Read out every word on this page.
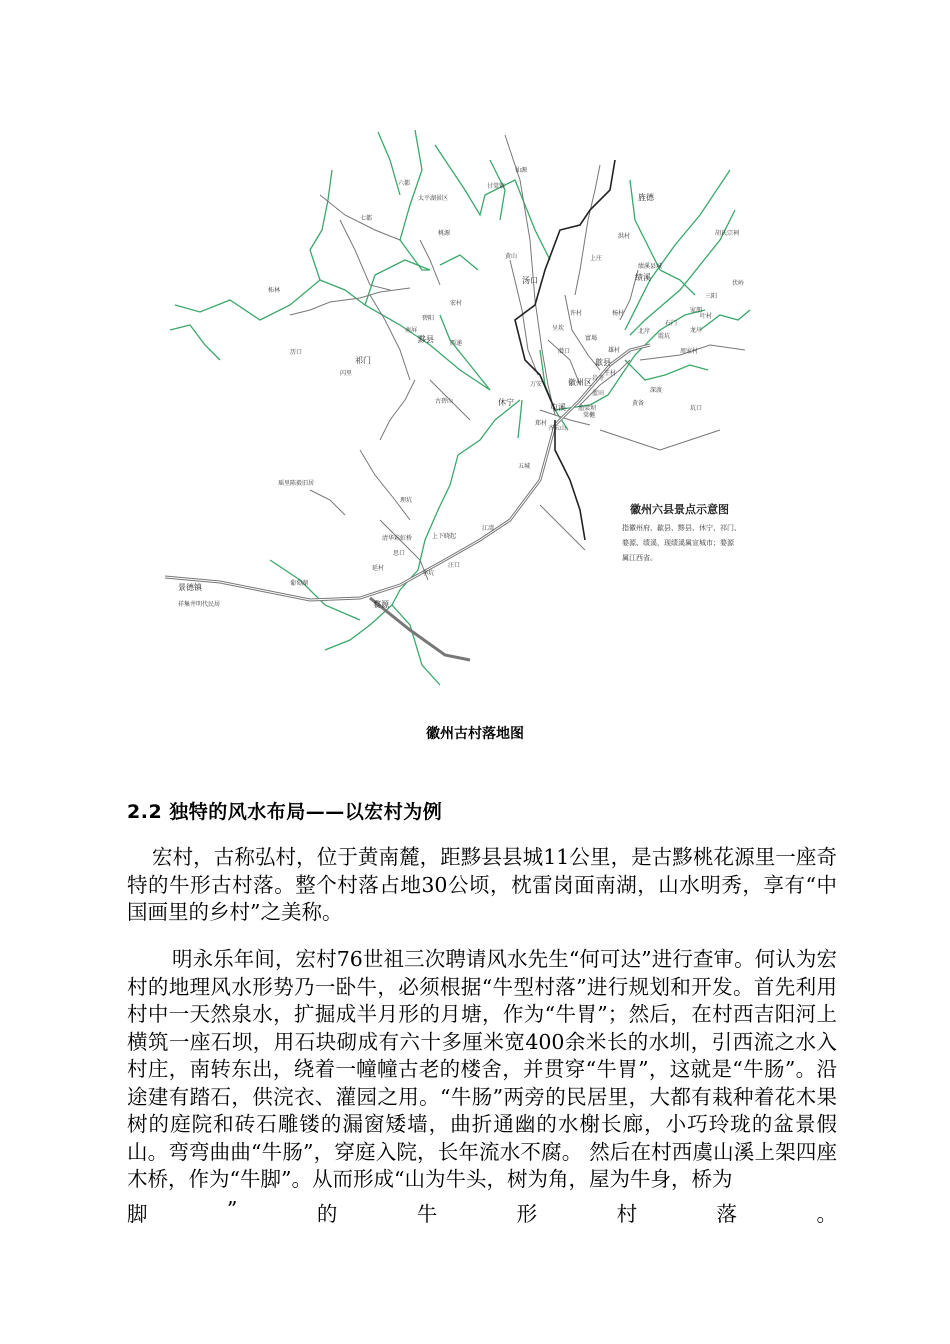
徽州六县景点示意图
指徽州府、歙县、黟县、休宁、祁门、
婺源、绩溪，现绩溪属宣城市；婺源
属江西省。
绩溪
旌德
黟县
祁门
休宁
歙县
徽州区
婺源
景德镇
汤口
屯溪
六都
七都
太平湖景区
甘棠镇
仙源
桃源
黄山
胡氏宗祠
龙川
宏村
南屏
西递
古碧山
碧阳
历口
闪里
柘林
瑶里陈毅旧居
理坑
思口
清华彩虹桥
江湾
汪口
上下晓起
李坑
延村
葡萄湖
祥集井明代民居
五城
渔梁坝
棠樾
呈坎
潜口
岩寺
万安
齐云山
蓝田
许村	杨村
富堨
郑村
雄村
王村
深渡
坑口
黄备
叶村
伏岭
三阳
家朋
石门
北岸
周家村
霞坑
上庄
洪村
绩溪县城
徽州古村落地图
2.2 独特的风水布局——以宏村为例
宏村，古称弘村，位于黄南麓，距黟县县城11公里，是古黟桃花源里一座奇特的牛形古村落。整个村落占地30公顷，枕雷岗面南湖，山水明秀，享有“中国画里的乡村”之美称。
明永乐年间，宏村76世祖三次聘请风水先生“何可达”进行查审。何认为宏村的地理风水形势乃一卧牛，必须根据“牛型村落”进行规划和开发。首先利用村中一天然泉水，扩掘成半月形的月塘，作为“牛胃”；然后，在村西吉阳河上横筑一座石坝，用石块砌成有六十多厘米宽400余米长的水圳，引西流之水入村庄，南转东出，绕着一幢幢古老的楼舍，并贯穿“牛胃”，这就是“牛肠”。沿途建有踏石，供浣衣、灌园之用。“牛肠”两旁的民居里，大都有栽种着花木果树的庭院和砖石雕镂的漏窗矮墙，曲折通幽的水榭长廊，小巧玲珑的盆景假山。弯弯曲曲“牛肠”，穿庭入院，长年流水不腐。 然后在村西虞山溪上架四座木桥，作为“牛脚”。从而形成“山为牛头，树为角，屋为牛身，桥为
脚	”	的	牛	形	村	落	。
